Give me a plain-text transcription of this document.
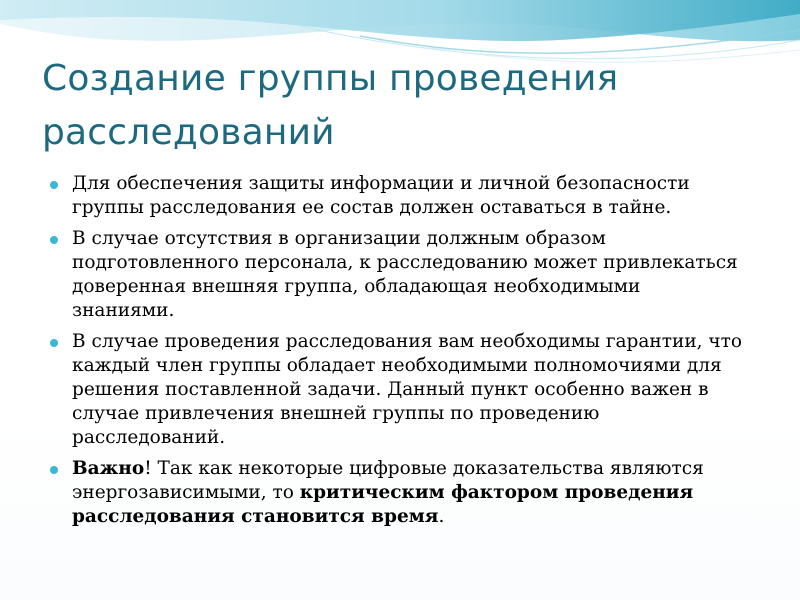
Создание группы проведения расследований
Для обеспечения защиты информации и личной безопасности группы расследования ее состав должен оставаться в тайне.
В случае отсутствия в организации должным образом подготовленного персонала, к расследованию может привлекаться доверенная внешняя группа, обладающая необходимыми знаниями.
В случае проведения расследования вам необходимы гарантии, что каждый член группы обладает необходимыми полномочиями для решения поставленной задачи. Данный пункт особенно важен в случае привлечения внешней группы по проведению расследований.
Важно! Так как некоторые цифровые доказательства являются энергозависимыми, то критическим фактором проведения расследования становится время.
